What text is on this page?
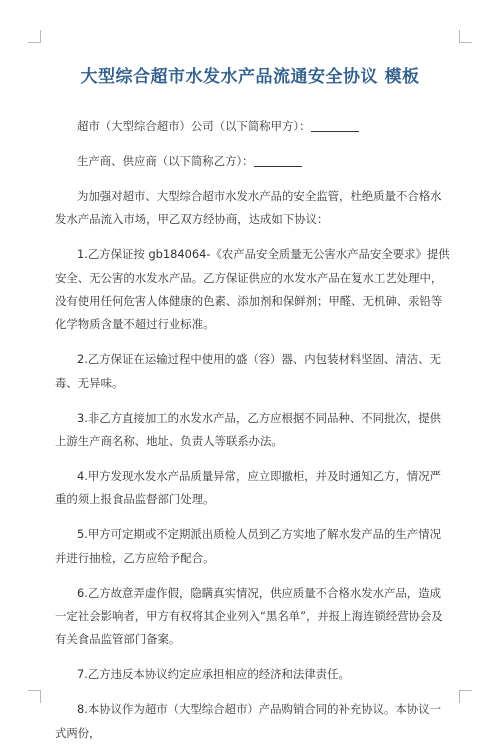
大型综合超市水发水产品流通安全协议 模板

超市（大型综合超市）公司（以下简称甲方）：

生产商、供应商（以下简称乙方）：

为加强对超市、大型综合超市水发水产品的安全监管，杜绝质量不合格水发水产品流入市场，甲乙双方经协商，达成如下协议：

1.乙方保证按 gb184064-《农产品安全质量无公害水产品安全要求》提供安全、无公害的水发水产品。乙方保证供应的水发水产品在复水工艺处理中，没有使用任何危害人体健康的色素、添加剂和保鲜剂；甲醛、无机砷、汞铅等化学物质含量不超过行业标准。

2.乙方保证在运输过程中使用的盛（容）器、内包装材料坚固、清洁、无毒、无异味。

3.非乙方直接加工的水发水产品，乙方应根据不同品种、不同批次，提供上游生产商名称、地址、负责人等联系办法。

4.甲方发现水发水产品质量异常，应立即撤柜，并及时通知乙方，情况严重的须上报食品监督部门处理。

5.甲方可定期或不定期派出质检人员到乙方实地了解水发产品的生产情况并进行抽检，乙方应给予配合。

6.乙方故意弄虚作假，隐瞒真实情况，供应质量不合格水发水产品，造成一定社会影响者，甲方有权将其企业列入“黑名单”，并报上海连锁经营协会及有关食品监管部门备案。

7.乙方违反本协议约定应承担相应的经济和法律责任。

8.本协议作为超市（大型综合超市）产品购销合同的补充协议。本协议一式两份，
